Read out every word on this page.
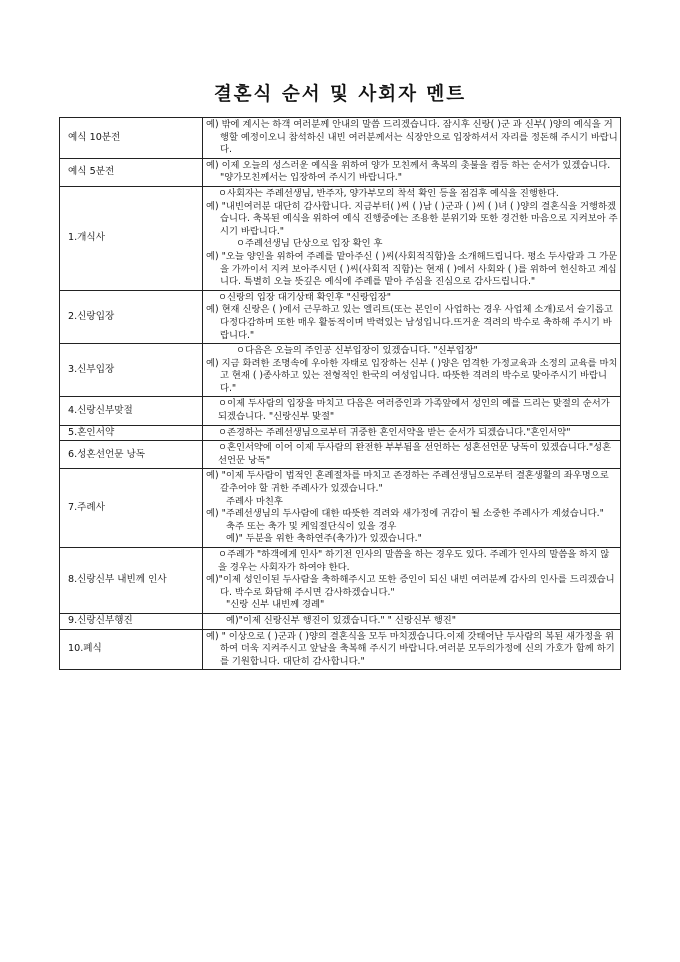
결혼식 순서 및 사회자 멘트
예식 10분전	예) 밖에 계시는 하객 여러분께 안내의 말씀 드리겠습니다. 잠시후 신랑( )군 과 신부( )양의 예식을 거행할 예정이오니 참석하신 내빈 여러분께서는 식장안으로 입장하셔서 자리를 정돈해 주시기 바랍니다.

예식 5분전	예) 이제 오늘의 성스러운 예식을 위하여 양가 모친께서 축복의 촛불을 켬등 하는 순서가 있겠습니다. "양가모친께서는 입장하여 주시기 바랍니다."

1.개식사	ㅇ사회자는 주례선생님, 반주자, 양가부모의 착석 확인 등을 점검후 예식을 진행한다.
예) "내빈여러분 대단히 감사합니다. 지금부터( )씨 ( )남 ( )군과 ( )씨 ( )녀 ( )양의 결혼식을 거행하겠습니다. 축복된 예식을 위하여 예식 진행중에는 조용한 분위기와 또한 경건한 마음으로 지켜보아 주시기 바랍니다."
ㅇ주례선생님 단상으로 입장 확인 후
예) "오늘 양인을 위하여 주례를 맡아주신 ( )씨(사회적직함)을 소개해드립니다. 평소 두사람과 그 가문을 가까이서 지켜 보아주시던 ( )씨(사회적 직함)는 현재 ( )에서 사회와 ( )를 위하여 헌신하고 계십니다. 특별히 오늘 뜻깊은 예식에 주례를 맡아 주심을 진심으로 감사드립니다."

2.신랑입장	ㅇ신랑의 입장 대기상태 확인후 "신랑입장"
예) 현재 신랑은 ( )에서 근무하고 있는 엘리트(또는 본인이 사업하는 경우 사업체 소개)로서 슬기롭고 다정다감하며 또한 매우 활동적이며 박력있는 남성입니다.뜨거운 격려의 박수로 축하해 주시기 바랍니다."

3.신부입장	ㅇ다음은 오늘의 주인공 신부입장이 있겠습니다. "신부입장"
예) 지금 화려한 조명속에 우아한 자태로 입장하는 신부 ( )양은 엄격한 가정교육과 소정의 교육를 마치고 현재 ( )종사하고 있는 전형적인 한국의 여성입니다. 따뜻한 격려의 박수로 맞아주시기 바랍니다."

4.신랑신부맞절	ㅇ이제 두사람의 입장을 마치고 다음은 여러증인과 가족앞에서 성인의 예를 드리는 맞절의 순서가 되겠습니다. "신랑신부 맞절"

5.혼인서약	ㅇ존경하는 주례선생님으로부터 귀중한 혼인서약을 받는 순서가 되겠습니다."혼인서약"

6.성혼선언문 낭독	ㅇ혼인서약에 이어 이제 두사람의 완전한 부부됨을 선언하는 성혼선언문 낭독이 있겠습니다."성혼선언문 낭독"

7.주례사	예) "이제 두사람이 법적인 혼례절차를 마치고 존경하는 주례선생님으로부터 결혼생활의 좌우명으로 갈추어야 할 귀한 주례사가 있겠습니다."
주례사 마친후
예) "주례선생님의 두사람에 대한 따뜻한 격려와 새가정에 귀감이 될 소중한 주례사가 계셨습니다."
축주 또는 축가 및 케잌절단식이 있을 경우
예)" 두분을 위한 축하연주(축가)가 있겠습니다."

8.신랑신부 내빈께 인사	ㅇ주례가 "하객에게 인사" 하기전 인사의 말씀을 하는 경우도 있다. 주례가 인사의 말씀을 하지 않을 경우는 사회자가 하여야 한다.
예)"이제 성인이된 두사람을 축하해주시고 또한 증인이 되신 내빈 여러분께 감사의 인사를 드리겠습니다. 박수로 화답해 주시면 감사하겠습니다."
"신랑 신부 내빈께 경례"

9.신랑신부행진	예)"이제 신랑신부 행진이 있겠습니다." " 신랑신부 행진"

10.폐식	예) " 이상으로 ( )군과 ( )양의 결혼식을 모두 마치겠습니다.이제 갓태어난 두사람의 복된 새가정을 위하여 더욱 지켜주시고 앞날을 축복해 주시기 바랍니다.여러분 모두의가정에 신의 가호가 함께 하기를 기원합니다. 대단히 감사합니다."
